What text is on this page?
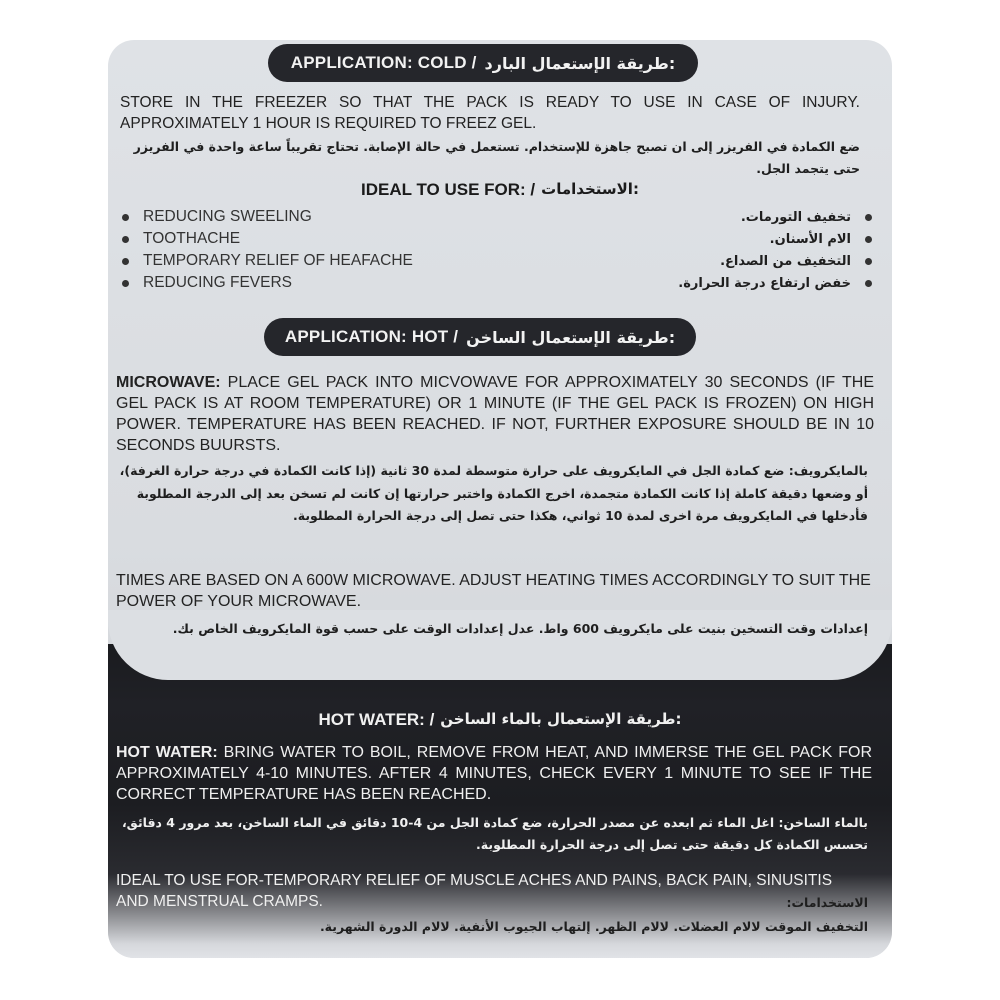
APPLICATION: COLD / طريقة الإستعمال البارد:
STORE IN THE FREEZER SO THAT THE PACK IS READY TO USE IN CASE OF INJURY. APPROXIMATELY 1 HOUR IS REQUIRED TO FREEZ GEL.
ضع الكمادة في الفريزر إلى ان تصبح جاهزة للإستخدام. تستعمل في حالة الإصابة. تحتاج تقريباً ساعة واحدة في الفريزر حتى يتجمد الجل.
IDEAL TO USE FOR: / الاستخدامات:
REDUCING SWEELING
TOOTHACHE
TEMPORARY RELIEF OF HEAFACHE
REDUCING FEVERS
تخفيف التورمات.
الام الأسنان.
التخفيف من الصداع.
خفض ارتفاع درجة الحرارة.
APPLICATION: HOT / طريقة الإستعمال الساخن:
MICROWAVE: PLACE GEL PACK INTO MICVOWAVE FOR APPROXIMATELY 30 SECONDS (IF THE GEL PACK IS AT ROOM TEMPERATURE) OR 1 MINUTE (IF THE GEL PACK IS FROZEN) ON HIGH POWER. TEMPERATURE HAS BEEN REACHED. IF NOT, FURTHER EXPOSURE SHOULD BE IN 10 SECONDS BUURSTS.
بالمايكرويف: ضع كمادة الجل في المايكرويف على حرارة متوسطة لمدة 30 ثانية (إذا كانت الكمادة في درجة حرارة الغرفة)، أو وضعها دقيقة كاملة إذا كانت الكمادة متجمدة، اخرج الكمادة واختبر حرارتها إن كانت لم تسخن بعد إلى الدرجة المطلوبة فأدخلها في المايكرويف مرة اخرى لمدة 10 ثواني، هكذا حتى تصل إلى درجة الحرارة المطلوبة.
TIMES ARE BASED ON A 600W MICROWAVE. ADJUST HEATING TIMES ACCORDINGLY TO SUIT THE POWER OF YOUR MICROWAVE.
إعدادات وقت التسخين بنيت على مايكرويف 600 واط. عدل إعدادات الوقت على حسب قوة المايكرويف الخاص بك.
HOT WATER: / طريقة الإستعمال بالماء الساخن:
HOT WATER: BRING WATER TO BOIL, REMOVE FROM HEAT, AND IMMERSE THE GEL PACK FOR APPROXIMATELY 4-10 MINUTES. AFTER 4 MINUTES, CHECK EVERY 1 MINUTE TO SEE IF THE CORRECT TEMPERATURE HAS BEEN REACHED.
بالماء الساخن: اغل الماء ثم ابعده عن مصدر الحرارة، ضع كمادة الجل من 4-10 دقائق في الماء الساخن، بعد مرور 4 دقائق، تحسس الكمادة كل دقيقة حتى تصل إلى درجة الحرارة المطلوبة.
IDEAL TO USE FOR-TEMPORARY RELIEF OF MUSCLE ACHES AND PAINS, BACK PAIN, SINUSITIS AND MENSTRUAL CRAMPS.	الاستخدامات:
التخفيف الموقت لالام العضلات. لالام الظهر. إلتهاب الجيوب الأنفية. لالام الدورة الشهرية.
